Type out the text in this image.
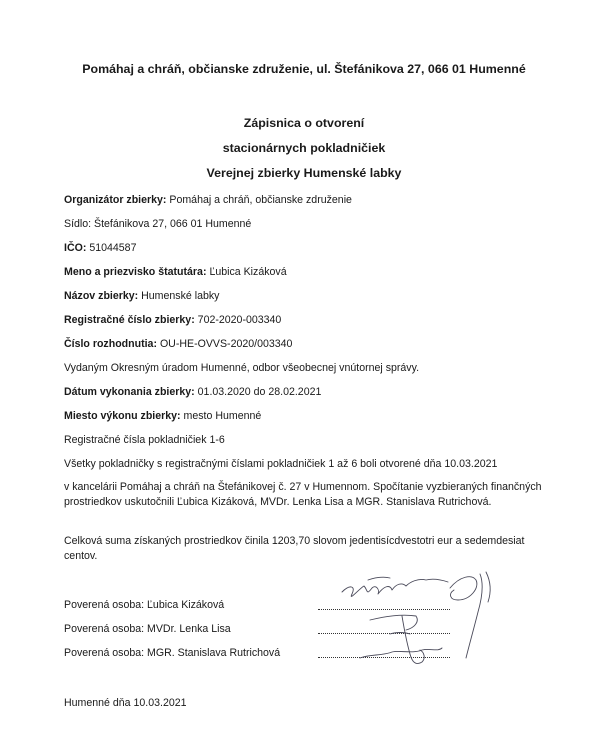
Pomáhaj a chráň, občianske združenie, ul. Štefánikova 27, 066 01 Humenné
Zápisnica o otvorení
stacionárnych pokladničiek
Verejnej zbierky Humenské labky
Organizátor zbierky: Pomáhaj a chráň, občianske združenie
Sídlo: Štefánikova 27, 066 01 Humenné
IČO: 51044587
Meno a priezvisko štatutára: Ľubica Kizáková
Názov zbierky: Humenské labky
Registračné číslo zbierky: 702-2020-003340
Číslo rozhodnutia: OU-HE-OVVS-2020/003340
Vydaným Okresným úradom Humenné, odbor všeobecnej vnútornej správy.
Dátum vykonania zbierky: 01.03.2020 do 28.02.2021
Miesto výkonu zbierky: mesto Humenné
Registračné čísla pokladničiek 1-6
Všetky pokladničky s registračnými číslami pokladničiek 1 až 6 boli otvorené dňa 10.03.2021
v kancelárii Pomáhaj a chráň na Štefánikovej č. 27 v Humennom. Spočítanie vyzbieraných finančných prostriedkov uskutočnili Ľubica Kizáková, MVDr. Lenka Lisa a MGR. Stanislava Rutrichová.
Celková suma získaných prostriedkov činila 1203,70 slovom jedentisícdvestotri eur a sedemdesiat centov.
Poverená osoba: Ľubica Kizáková
Poverená osoba: MVDr. Lenka Lisa
Poverená osoba: MGR. Stanislava Rutrichová
Humenné dňa 10.03.2021
